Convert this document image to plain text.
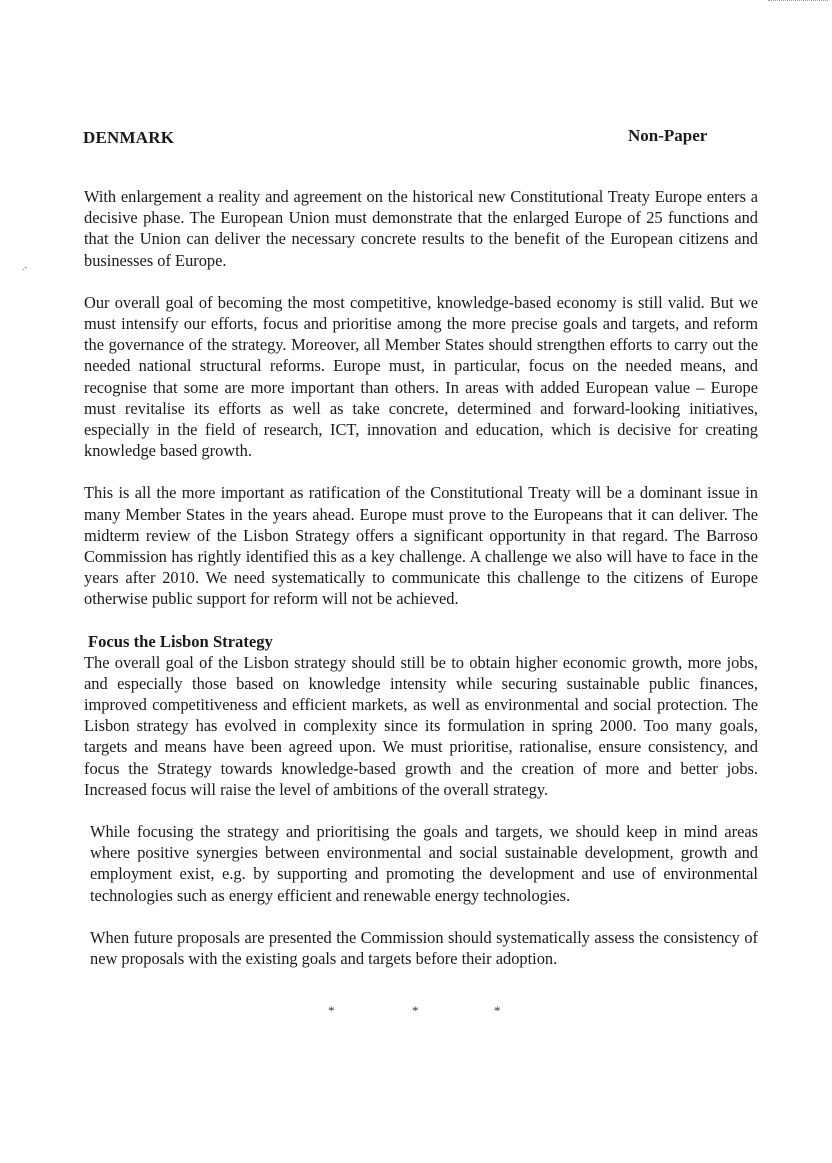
.-
DENMARK	Non-Paper

With enlargement a reality and agreement on the historical new Constitutional Treaty Europe enters a decisive phase. The European Union must demonstrate that the enlarged Europe of 25 functions and that the Union can deliver the necessary concrete results to the benefit of the European citizens and businesses of Europe.

Our overall goal of becoming the most competitive, knowledge-based economy is still valid. But we must intensify our efforts, focus and prioritise among the more precise goals and targets, and reform the governance of the strategy. Moreover, all Member States should strengthen efforts to carry out the needed national structural reforms. Europe must, in particular, focus on the needed means, and recognise that some are more important than others. In areas with added European value – Europe must revitalise its efforts as well as take concrete, determined and forward-looking initiatives, especially in the field of research, ICT, innovation and education, which is decisive for creating knowledge based growth.

This is all the more important as ratification of the Constitutional Treaty will be a dominant issue in many Member States in the years ahead. Europe must prove to the Europeans that it can deliver. The midterm review of the Lisbon Strategy offers a significant opportunity in that regard. The Barroso Commission has rightly identified this as a key challenge. A challenge we also will have to face in the years after 2010. We need systematically to communicate this challenge to the citizens of Europe otherwise public support for reform will not be achieved.

Focus the Lisbon Strategy

The overall goal of the Lisbon strategy should still be to obtain higher economic growth, more jobs, and especially those based on knowledge intensity while securing sustainable public finances, improved competitiveness and efficient markets, as well as environmental and social protection. The Lisbon strategy has evolved in complexity since its formulation in spring 2000. Too many goals, targets and means have been agreed upon. We must prioritise, rationalise, ensure consistency, and focus the Strategy towards knowledge-based growth and the creation of more and better jobs. Increased focus will raise the level of ambitions of the overall strategy.

While focusing the strategy and prioritising the goals and targets, we should keep in mind areas where positive synergies between environmental and social sustainable development, growth and employment exist, e.g. by supporting and promoting the development and use of environmental technologies such as energy efficient and renewable energy technologies.

When future proposals are presented the Commission should systematically assess the consistency of new proposals with the existing goals and targets before their adoption.

*	*	*
